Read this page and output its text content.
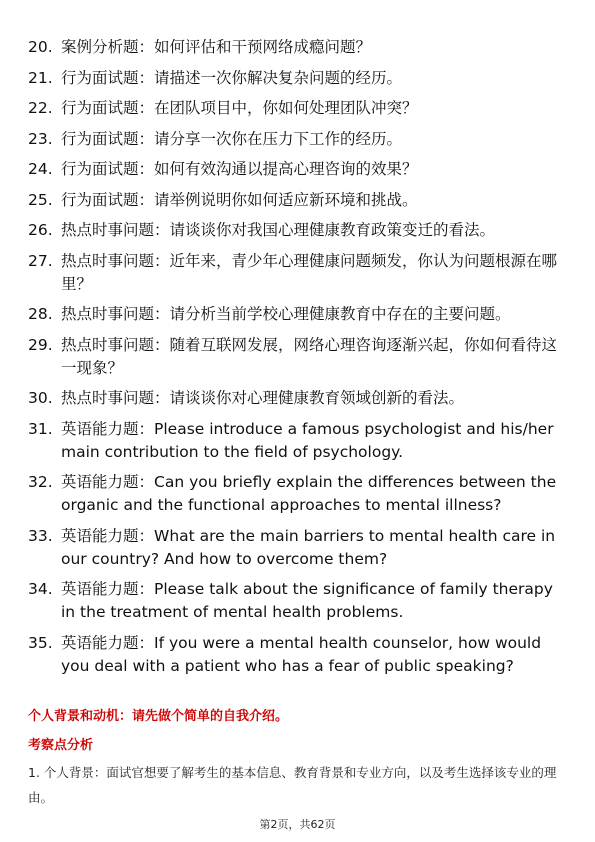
20. 案例分析题：如何评估和干预网络成瘾问题？
21. 行为面试题：请描述一次你解决复杂问题的经历。
22. 行为面试题：在团队项目中，你如何处理团队冲突？
23. 行为面试题：请分享一次你在压力下工作的经历。
24. 行为面试题：如何有效沟通以提高心理咨询的效果？
25. 行为面试题：请举例说明你如何适应新环境和挑战。
26. 热点时事问题：请谈谈你对我国心理健康教育政策变迁的看法。
27. 热点时事问题：近年来，青少年心理健康问题频发，你认为问题根源在哪里？
28. 热点时事问题：请分析当前学校心理健康教育中存在的主要问题。
29. 热点时事问题：随着互联网发展，网络心理咨询逐渐兴起，你如何看待这一现象？
30. 热点时事问题：请谈谈你对心理健康教育领域创新的看法。
31. 英语能力题：Please introduce a famous psychologist and his/her main contribution to the field of psychology.
32. 英语能力题：Can you briefly explain the differences between the organic and the functional approaches to mental illness?
33. 英语能力题：What are the main barriers to mental health care in our country? And how to overcome them?
34. 英语能力题：Please talk about the significance of family therapy in the treatment of mental health problems.
35. 英语能力题：If you were a mental health counselor, how would you deal with a patient who has a fear of public speaking?
个人背景和动机：请先做个简单的自我介绍。
考察点分析
1. 个人背景：面试官想要了解考生的基本信息、教育背景和专业方向，以及考生选择该专业的理由。
第2页，共62页
